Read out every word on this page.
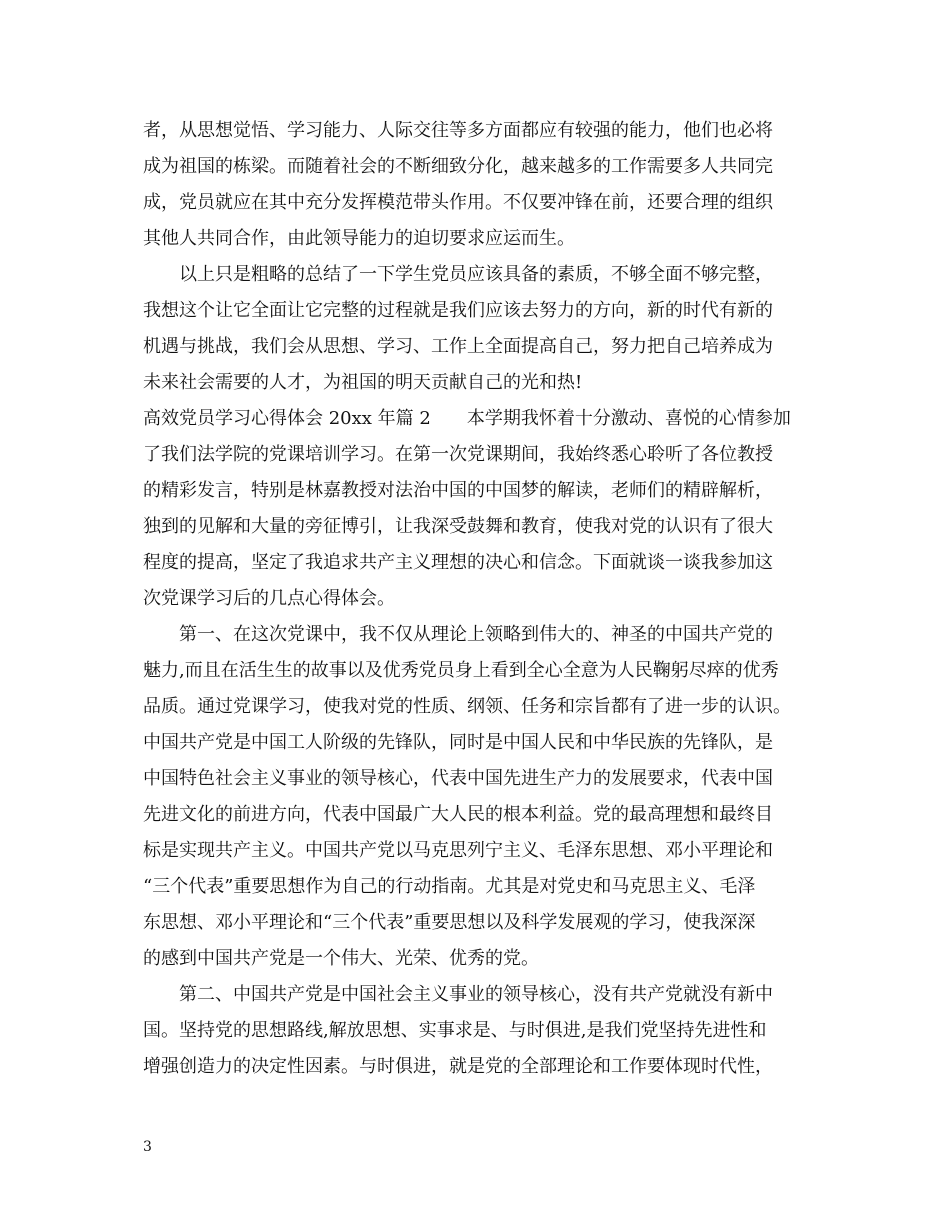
者，从思想觉悟、学习能力、人际交往等多方面都应有较强的能力，他们也必将
成为祖国的栋梁。而随着社会的不断细致分化，越来越多的工作需要多人共同完
成，党员就应在其中充分发挥模范带头作用。不仅要冲锋在前，还要合理的组织
其他人共同合作，由此领导能力的迫切要求应运而生。
　　以上只是粗略的总结了一下学生党员应该具备的素质，不够全面不够完整，
我想这个让它全面让它完整的过程就是我们应该去努力的方向，新的时代有新的
机遇与挑战，我们会从思想、学习、工作上全面提高自己，努力把自己培养成为
未来社会需要的人才，为祖国的明天贡献自己的光和热!
高效党员学习心得体会 20xx 年篇 2　　本学期我怀着十分激动、喜悦的心情参加
了我们法学院的党课培训学习。在第一次党课期间，我始终悉心聆听了各位教授
的精彩发言，特别是林嘉教授对法治中国的中国梦的解读，老师们的精辟解析，
独到的见解和大量的旁征博引，让我深受鼓舞和教育，使我对党的认识有了很大
程度的提高，坚定了我追求共产主义理想的决心和信念。下面就谈一谈我参加这
次党课学习后的几点心得体会。
　　第一、在这次党课中，我不仅从理论上领略到伟大的、神圣的中国共产党的
魅力,而且在活生生的故事以及优秀党员身上看到全心全意为人民鞠躬尽瘁的优秀
品质。通过党课学习，使我对党的性质、纲领、任务和宗旨都有了进一步的认识。
中国共产党是中国工人阶级的先锋队，同时是中国人民和中华民族的先锋队，是
中国特色社会主义事业的领导核心，代表中国先进生产力的发展要求，代表中国
先进文化的前进方向，代表中国最广大人民的根本利益。党的最高理想和最终目
标是实现共产主义。中国共产党以马克思列宁主义、毛泽东思想、邓小平理论和
“三个代表”重要思想作为自己的行动指南。尤其是对党史和马克思主义、毛泽
东思想、邓小平理论和“三个代表”重要思想以及科学发展观的学习，使我深深
的感到中国共产党是一个伟大、光荣、优秀的党。
　　第二、中国共产党是中国社会主义事业的领导核心，没有共产党就没有新中
国。坚持党的思想路线,解放思想、实事求是、与时俱进,是我们党坚持先进性和
增强创造力的决定性因素。与时俱进，就是党的全部理论和工作要体现时代性，
3
